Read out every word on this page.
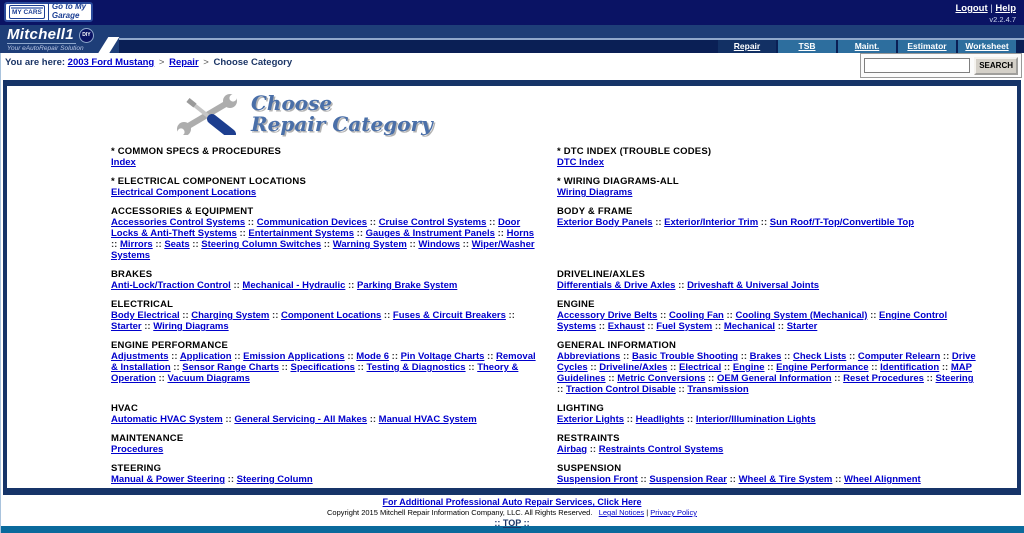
MY CARS
Go to My Garage
Logout | Help
v2.2.4.7
Mitchell1	DIY
Your eAutoRepair Solution	Repair	TSB	Maint.	Estimator	Worksheet
You are here: 2003 Ford Mustang > Repair > Choose Category	SEARCH
Choose
Repair Category
* COMMON SPECS & PROCEDURES
Index
* DTC INDEX (TROUBLE CODES)
DTC Index
* ELECTRICAL COMPONENT LOCATIONS
Electrical Component Locations
* WIRING DIAGRAMS-ALL
Wiring Diagrams
ACCESSORIES & EQUIPMENT
Accessories Control Systems :: Communication Devices :: Cruise Control Systems :: Door Locks & Anti-Theft Systems :: Entertainment Systems :: Gauges & Instrument Panels :: Horns :: Mirrors :: Seats :: Steering Column Switches :: Warning System :: Windows :: Wiper/Washer Systems
BODY & FRAME
Exterior Body Panels :: Exterior/Interior Trim :: Sun Roof/T-Top/Convertible Top
BRAKES
Anti-Lock/Traction Control :: Mechanical - Hydraulic :: Parking Brake System
DRIVELINE/AXLES
Differentials & Drive Axles :: Driveshaft & Universal Joints
ELECTRICAL
Body Electrical :: Charging System :: Component Locations :: Fuses & Circuit Breakers :: Starter :: Wiring Diagrams
ENGINE
Accessory Drive Belts :: Cooling Fan :: Cooling System (Mechanical) :: Engine Control Systems :: Exhaust :: Fuel System :: Mechanical :: Starter
ENGINE PERFORMANCE
Adjustments :: Application :: Emission Applications :: Mode 6 :: Pin Voltage Charts :: Removal & Installation :: Sensor Range Charts :: Specifications :: Testing & Diagnostics :: Theory & Operation :: Vacuum Diagrams
GENERAL INFORMATION
Abbreviations :: Basic Trouble Shooting :: Brakes :: Check Lists :: Computer Relearn :: Drive Cycles :: Driveline/Axles :: Electrical :: Engine :: Engine Performance :: Identification :: MAP Guidelines :: Metric Conversions :: OEM General Information :: Reset Procedures :: Steering :: Traction Control Disable :: Transmission
HVAC
Automatic HVAC System :: General Servicing - All Makes :: Manual HVAC System
LIGHTING
Exterior Lights :: Headlights :: Interior/Illumination Lights
MAINTENANCE
Procedures
RESTRAINTS
Airbag :: Restraints Control Systems
STEERING
Manual & Power Steering :: Steering Column
SUSPENSION
Suspension Front :: Suspension Rear :: Wheel & Tire System :: Wheel Alignment
For Additional Professional Auto Repair Services, Click Here
Copyright 2015 Mitchell Repair Information Company, LLC. All Rights Reserved. Legal Notices | Privacy Policy
:: TOP ::
